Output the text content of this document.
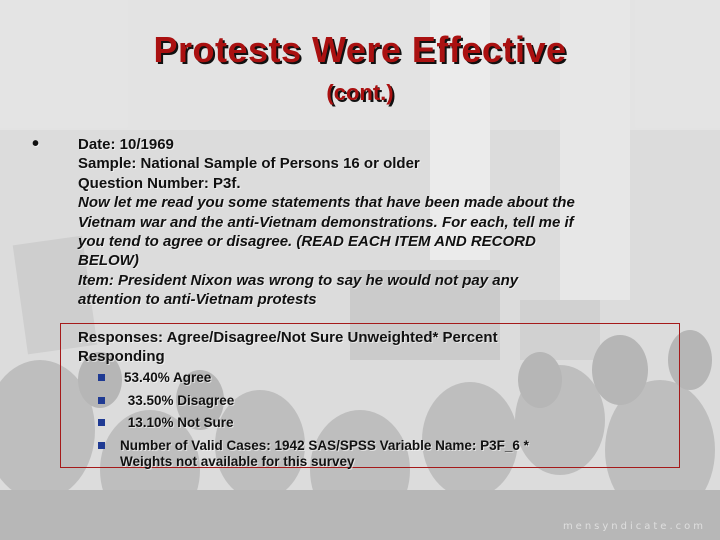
Protests Were Effective
(cont.)
•	Date: 10/1969
Sample: National Sample of Persons 16 or older
Question Number: P3f.
Now let me read you some statements that have been made about the
Vietnam war and the anti-Vietnam demonstrations. For each, tell me if
you tend to agree or disagree. (READ EACH ITEM AND RECORD
BELOW)
Item: President Nixon was wrong to say he would not pay any
attention to anti-Vietnam protests
Responses: Agree/Disagree/Not Sure Unweighted* Percent
Responding
53.40% Agree
33.50% Disagree
13.10% Not Sure
Number of Valid Cases: 1942 SAS/SPSS Variable Name: P3F_6 *
Weights not available for this survey
mensyndicate.com
